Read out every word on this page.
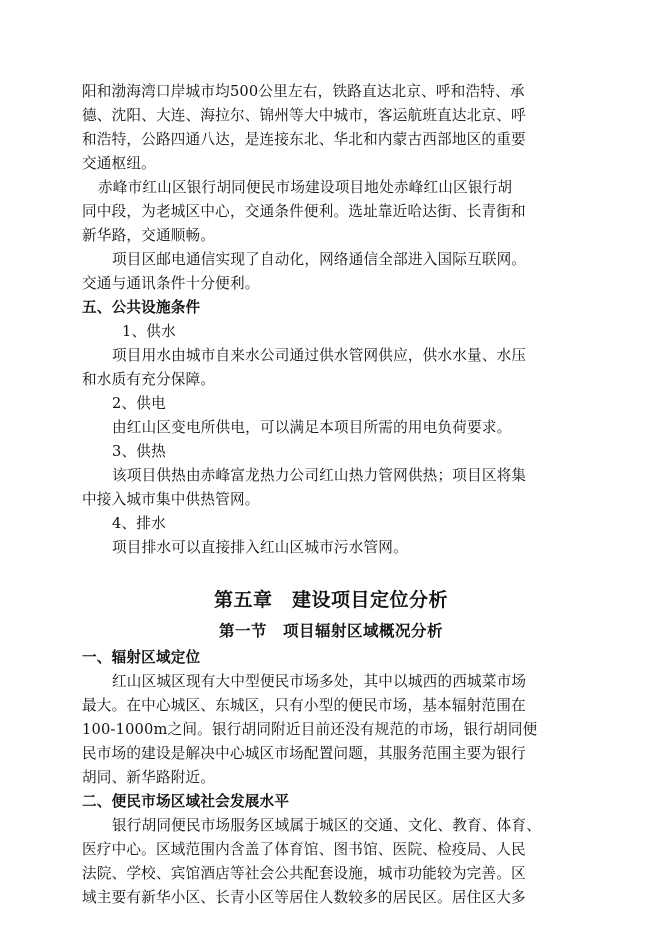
阳和渤海湾口岸城市均500公里左右，铁路直达北京、呼和浩特、承
德、沈阳、大连、海拉尔、锦州等大中城市，客运航班直达北京、呼
和浩特，公路四通八达，是连接东北、华北和内蒙古西部地区的重要
交通枢纽。
赤峰市红山区银行胡同便民市场建设项目地处赤峰红山区银行胡
同中段，为老城区中心，交通条件便利。选址靠近哈达街、长青街和
新华路，交通顺畅。
项目区邮电通信实现了自动化，网络通信全部进入国际互联网。
交通与通讯条件十分便利。
五、公共设施条件
1、供水
项目用水由城市自来水公司通过供水管网供应，供水水量、水压
和水质有充分保障。
2、供电
由红山区变电所供电，可以满足本项目所需的用电负荷要求。
3、供热
该项目供热由赤峰富龙热力公司红山热力管网供热；项目区将集
中接入城市集中供热管网。
4、排水
项目排水可以直接排入红山区城市污水管网。
第五章　建设项目定位分析
第一节　项目辐射区域概况分析
一、辐射区域定位
红山区城区现有大中型便民市场多处，其中以城西的西城菜市场
最大。在中心城区、东城区，只有小型的便民市场，基本辐射范围在
100-1000m之间。银行胡同附近目前还没有规范的市场，银行胡同便
民市场的建设是解决中心城区市场配置问题，其服务范围主要为银行
胡同、新华路附近。
二、便民市场区域社会发展水平
银行胡同便民市场服务区域属于城区的交通、文化、教育、体育、
医疗中心。区域范围内含盖了体育馆、图书馆、医院、检疫局、人民
法院、学校、宾馆酒店等社会公共配套设施，城市功能较为完善。区
域主要有新华小区、长青小区等居住人数较多的居民区。居住区大多
